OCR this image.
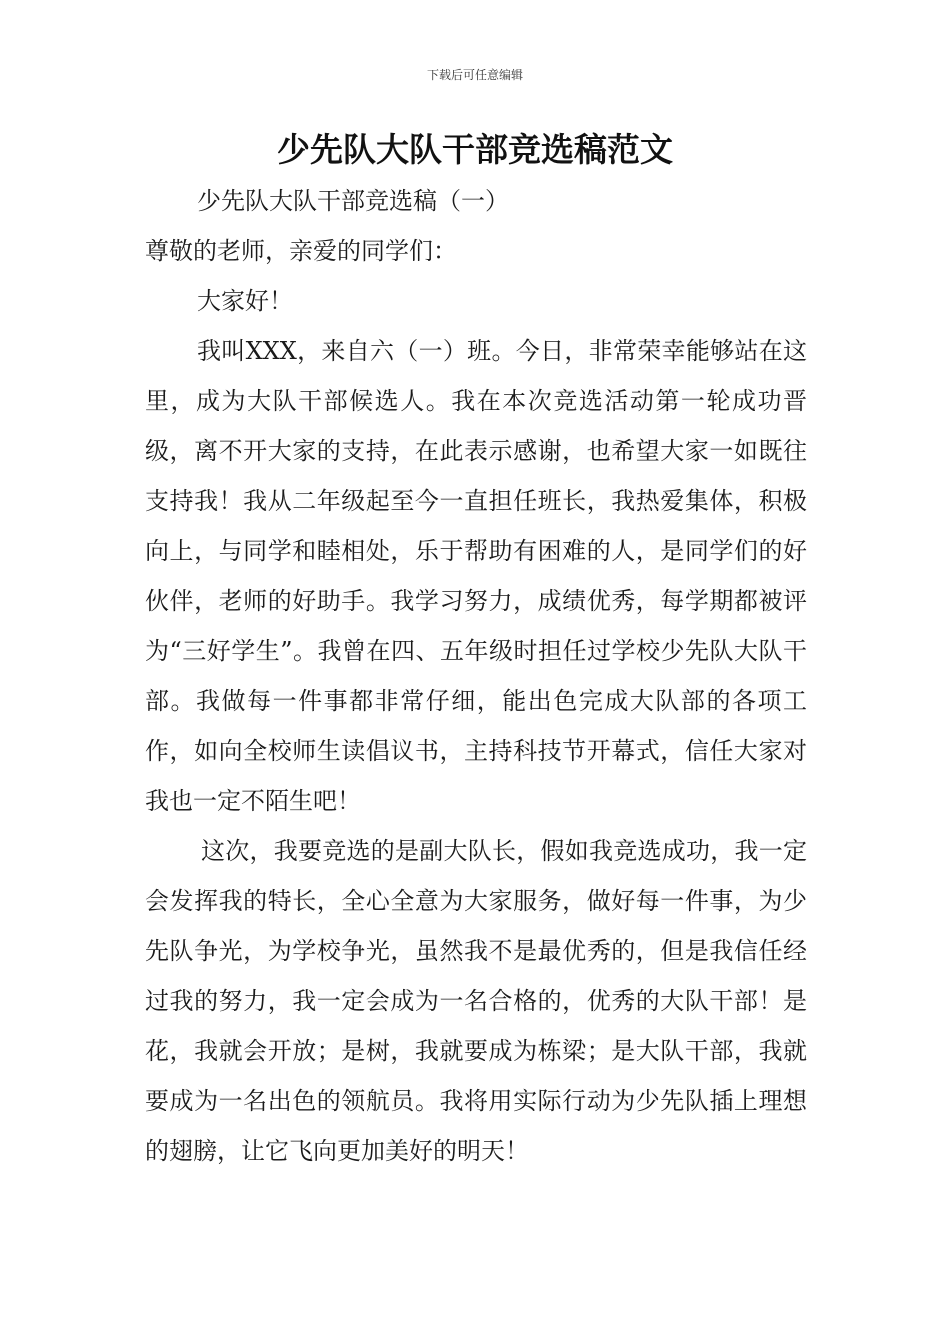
下载后可任意编辑
少先队大队干部竞选稿范文

少先队大队干部竞选稿（一）

尊敬的老师，亲爱的同学们：

大家好！

我叫XXX，来自六（一）班。今日，非常荣幸能够站在这里，成为大队干部候选人。我在本次竞选活动第一轮成功晋级，离不开大家的支持，在此表示感谢，也希望大家一如既往支持我！我从二年级起至今一直担任班长，我热爱集体，积极向上，与同学和睦相处，乐于帮助有困难的人，是同学们的好伙伴，老师的好助手。我学习努力，成绩优秀，每学期都被评为“三好学生”。我曾在四、五年级时担任过学校少先队大队干部。我做每一件事都非常仔细，能出色完成大队部的各项工作，如向全校师生读倡议书，主持科技节开幕式，信任大家对我也一定不陌生吧！

这次，我要竞选的是副大队长，假如我竞选成功，我一定会发挥我的特长，全心全意为大家服务，做好每一件事，为少先队争光，为学校争光，虽然我不是最优秀的，但是我信任经过我的努力，我一定会成为一名合格的，优秀的大队干部！是花，我就会开放；是树，我就要成为栋梁；是大队干部，我就要成为一名出色的领航员。我将用实际行动为少先队插上理想的翅膀，让它飞向更加美好的明天！
